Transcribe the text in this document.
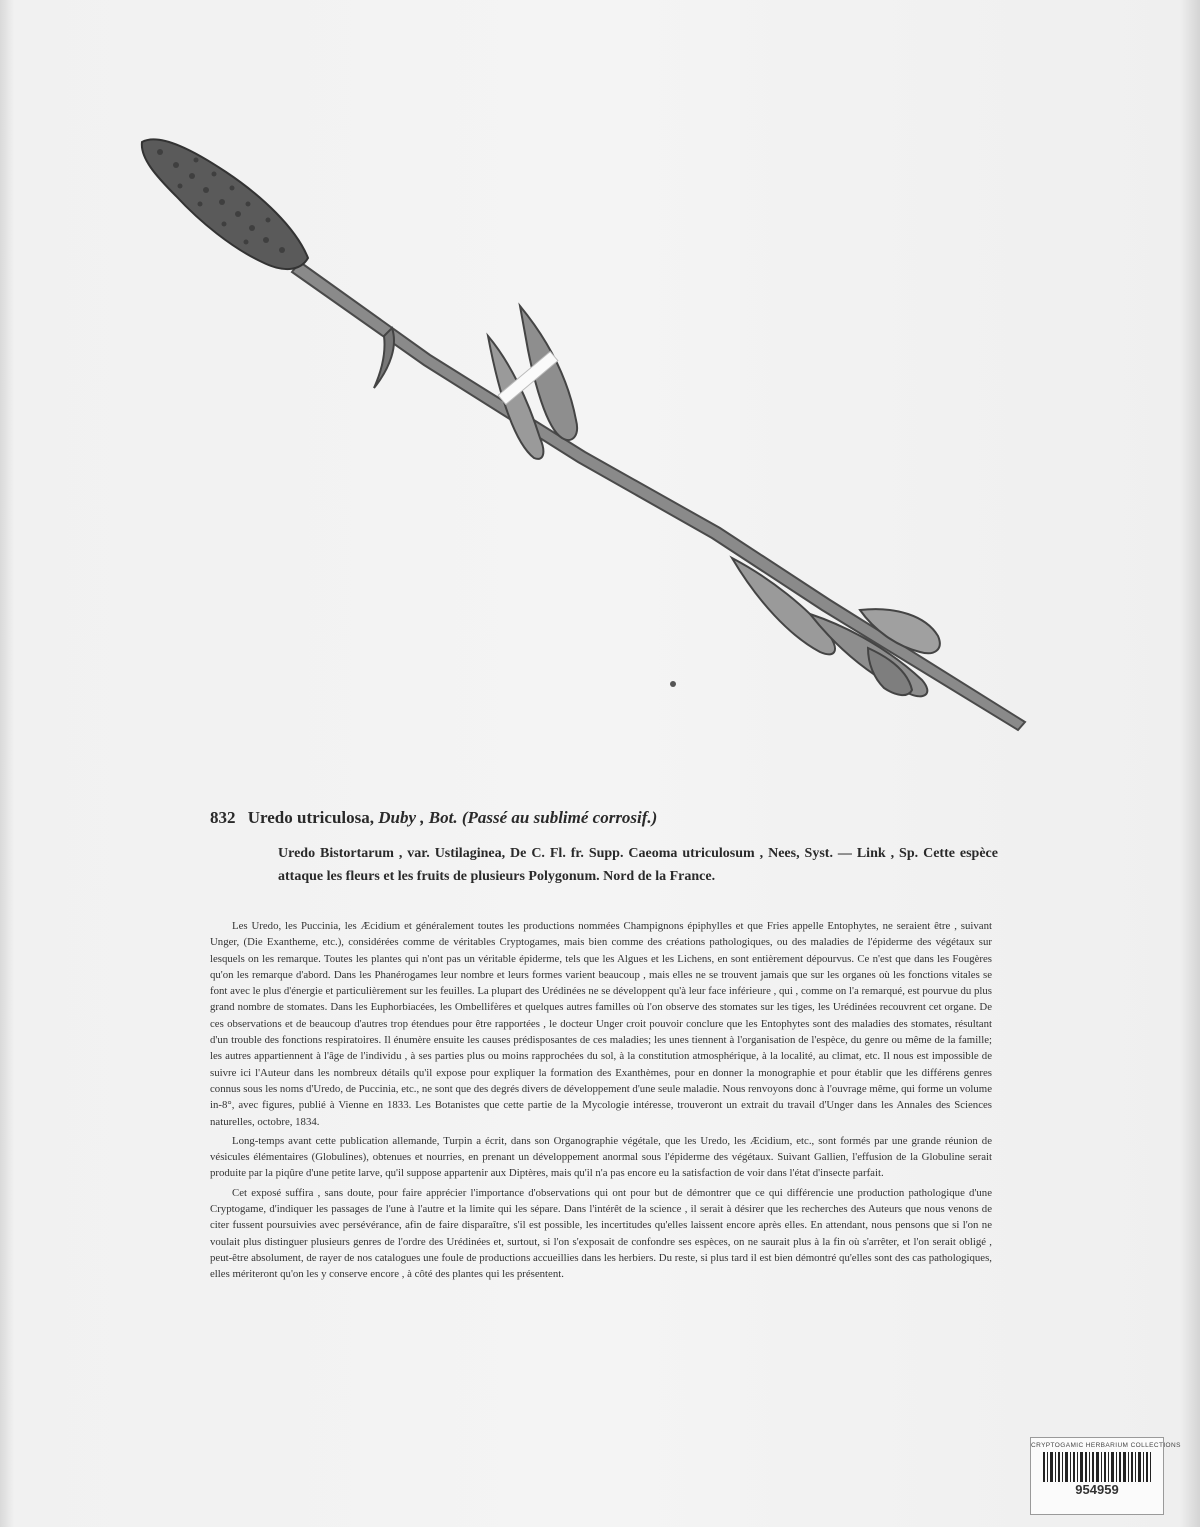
832 Uredo utriculosa, Duby , Bot. (Passé au sublimé corrosif.)
Uredo Bistortarum , var. Ustilaginea, De C. Fl. fr. Supp. Caeoma utriculosum , Nees, Syst. — Link , Sp. Cette espèce attaque les fleurs et les fruits de plusieurs Polygonum. Nord de la France.

Les Uredo, les Puccinia, les Æcidium et généralement toutes les productions nommées Champignons épiphylles et que Fries appelle Entophytes, ne seraient être , suivant Unger, (Die Exantheme, etc.), considérées comme de véritables Cryptogames, mais bien comme des créations pathologiques, ou des maladies de l'épiderme des végétaux sur lesquels on les remarque. Toutes les plantes qui n'ont pas un véritable épiderme, tels que les Algues et les Lichens, en sont entièrement dépourvus. Ce n'est que dans les Fougères qu'on les remarque d'abord. Dans les Phanérogames leur nombre et leurs formes varient beaucoup , mais elles ne se trouvent jamais que sur les organes où les fonctions vitales se font avec le plus d'énergie et particulièrement sur les feuilles. La plupart des Urédinées ne se développent qu'à leur face inférieure , qui , comme on l'a remarqué, est pourvue du plus grand nombre de stomates. Dans les Euphorbiacées, les Ombellifères et quelques autres familles où l'on observe des stomates sur les tiges, les Urédinées recouvrent cet organe. De ces observations et de beaucoup d'autres trop étendues pour être rapportées , le docteur Unger croit pouvoir conclure que les Entophytes sont des maladies des stomates, résultant d'un trouble des fonctions respiratoires. Il énumère ensuite les causes prédisposantes de ces maladies; les unes tiennent à l'organisation de l'espèce, du genre ou même de la famille; les autres appartiennent à l'âge de l'individu , à ses parties plus ou moins rapprochées du sol, à la constitution atmosphérique, à la localité, au climat, etc. Il nous est impossible de suivre ici l'Auteur dans les nombreux détails qu'il expose pour expliquer la formation des Exanthèmes, pour en donner la monographie et pour établir que les différens genres connus sous les noms d'Uredo, de Puccinia, etc., ne sont que des degrés divers de développement d'une seule maladie. Nous renvoyons donc à l'ouvrage même, qui forme un volume in-8°, avec figures, publié à Vienne en 1833. Les Botanistes que cette partie de la Mycologie intéresse, trouveront un extrait du travail d'Unger dans les Annales des Sciences naturelles, octobre, 1834.

Long-temps avant cette publication allemande, Turpin a écrit, dans son Organographie végétale, que les Uredo, les Æcidium, etc., sont formés par une grande réunion de vésicules élémentaires (Globulines), obtenues et nourries, en prenant un développement anormal sous l'épiderme des végétaux. Suivant Gallien, l'effusion de la Globuline serait produite par la piqûre d'une petite larve, qu'il suppose appartenir aux Diptères, mais qu'il n'a pas encore eu la satisfaction de voir dans l'état d'insecte parfait.

Cet exposé suffira , sans doute, pour faire apprécier l'importance d'observations qui ont pour but de démontrer que ce qui différencie une production pathologique d'une Cryptogame, d'indiquer les passages de l'une à l'autre et la limite qui les sépare. Dans l'intérêt de la science , il serait à désirer que les recherches des Auteurs que nous venons de citer fussent poursuivies avec persévérance, afin de faire disparaître, s'il est possible, les incertitudes qu'elles laissent encore après elles. En attendant, nous pensons que si l'on ne voulait plus distinguer plusieurs genres de l'ordre des Urédinées et, surtout, si l'on s'exposait de confondre ses espèces, on ne saurait plus à la fin où s'arrêter, et l'on serait obligé , peut-être absolument, de rayer de nos catalogues une foule de productions accueillies dans les herbiers. Du reste, si plus tard il est bien démontré qu'elles sont des cas pathologiques, elles mériteront qu'on les y conserve encore , à côté des plantes qui les présentent.

CRYPTOGAMIC HERBARIUM COLLECTIONS
954959
